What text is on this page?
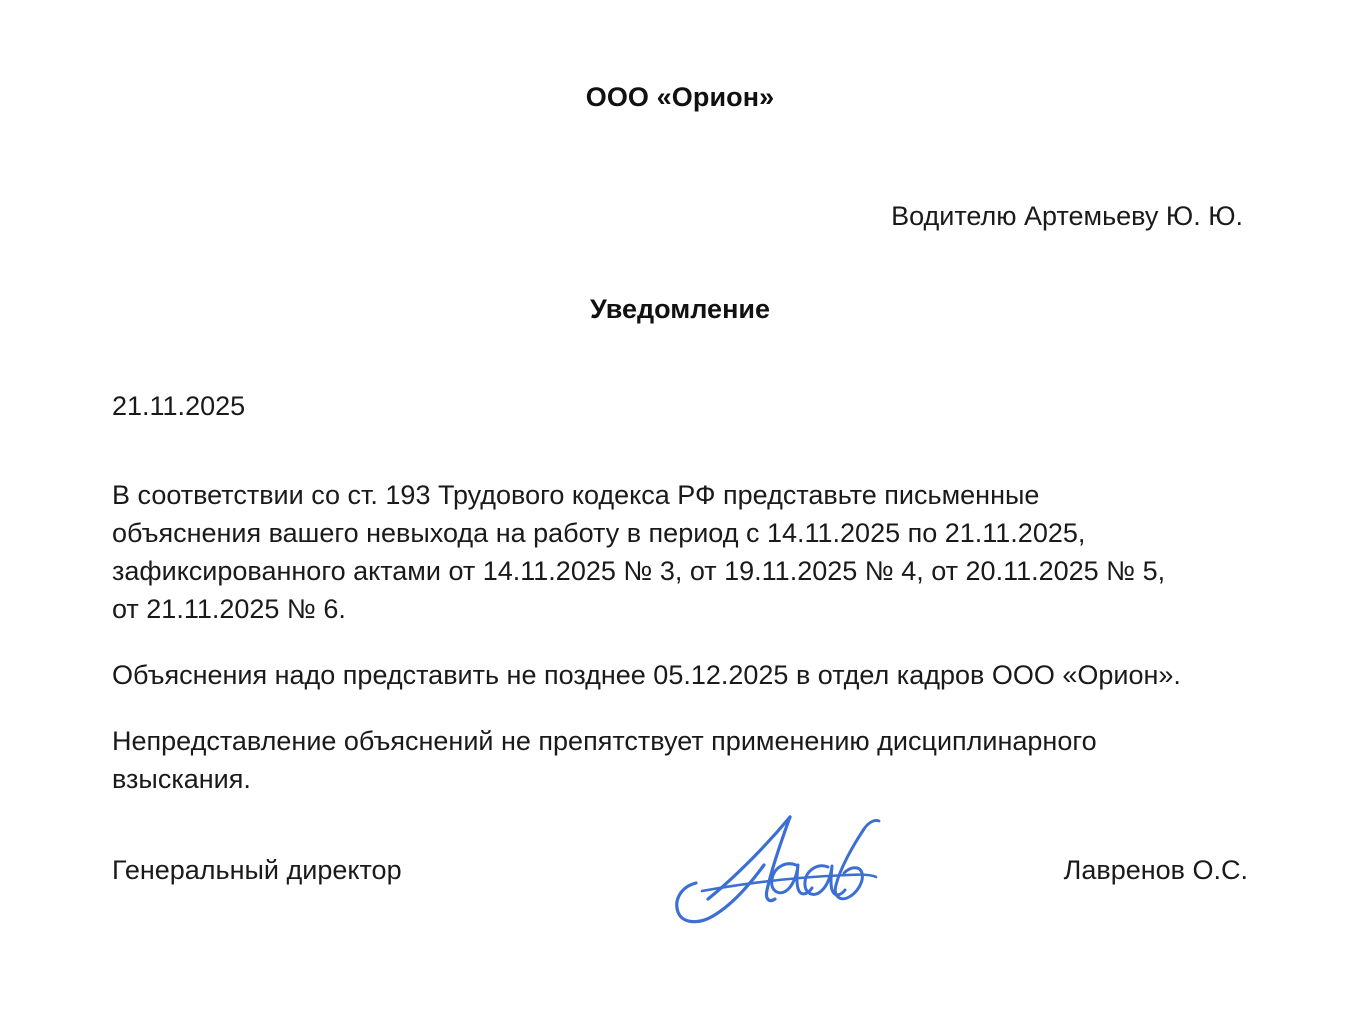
ООО «Орион»
Водителю Артемьеву Ю. Ю.
Уведомление
21.11.2025

В соответствии со ст. 193 Трудового кодекса РФ представьте письменные объяснения вашего невыхода на работу в период с 14.11.2025 по 21.11.2025, зафиксированного актами от 14.11.2025 № 3, от 19.11.2025 № 4, от 20.11.2025 № 5, от 21.11.2025 № 6.

Объяснения надо представить не позднее 05.12.2025 в отдел кадров ООО «Орион».

Непредставление объяснений не препятствует применению дисциплинарного взыскания.

Генеральный директор	Лавренов О.С.
